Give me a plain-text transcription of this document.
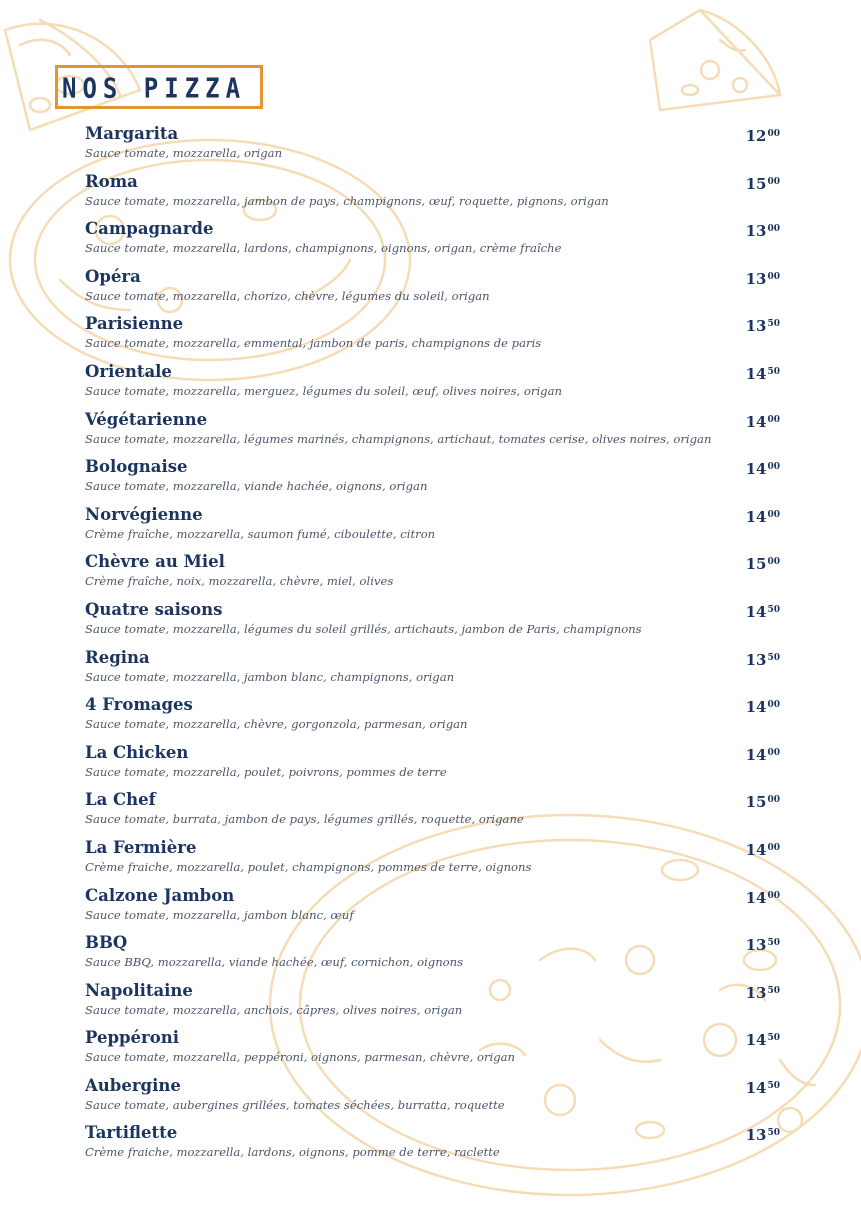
NOS PIZZA
Margarita
Sauce tomate, mozzarella, origan
$12^{00}$
Roma
Sauce tomate, mozzarella, jambon de pays, champignons, œuf, roquette, pignons, origan
$15^{00}$
Campagnarde
Sauce tomate, mozzarella, lardons, champignons, oignons, origan, crème fraîche
$13^{00}$
Opéra
Sauce tomate, mozzarella, chorizo, chèvre, légumes du soleil, origan
$13^{00}$
Parisienne
Sauce tomate, mozzarella, emmental, jambon de paris, champignons de paris
$13^{50}$
Orientale
Sauce tomate, mozzarella, merguez, légumes du soleil, œuf, olives noires, origan
$14^{50}$
Végétarienne
Sauce tomate, mozzarella, légumes marinés, champignons, artichaut, tomates cerise, olives noires, origan
$14^{00}$
Bolognaise
Sauce tomate, mozzarella, viande hachée, oignons, origan
$14^{00}$
Norvégienne
Crème fraîche, mozzarella, saumon fumé, ciboulette, citron
$14^{00}$
Chèvre au Miel
Crème fraîche, noix, mozzarella, chèvre, miel, olives
$15^{00}$
Quatre saisons
Sauce tomate, mozzarella, légumes du soleil grillés, artichauts, jambon de Paris, champignons
$14^{50}$
Regina
Sauce tomate, mozzarella, jambon blanc, champignons, origan
$13^{50}$
4 Fromages
Sauce tomate, mozzarella, chèvre, gorgonzola, parmesan, origan
$14^{00}$
La Chicken
Sauce tomate, mozzarella, poulet, poivrons, pommes de terre
$14^{00}$
La Chef
Sauce tomate, burrata, jambon de pays, légumes grillés, roquette, origane
$15^{00}$
La Fermière
Crème fraiche, mozzarella, poulet, champignons, pommes de terre, oignons
$14^{00}$
Calzone Jambon
Sauce tomate, mozzarella, jambon blanc, œuf
$14^{00}$
BBQ
Sauce BBQ, mozzarella, viande hachée, œuf, cornichon, oignons
$13^{50}$
Napolitaine
Sauce tomate, mozzarella, anchois, câpres, olives noires, origan
$13^{50}$
Peppéroni
Sauce tomate, mozzarella, peppéroni, oignons, parmesan, chèvre, origan
$14^{50}$
Aubergine
Sauce tomate, aubergines grillées, tomates séchées, burratta, roquette
$14^{50}$
Tartiflette
Crème fraiche, mozzarella, lardons, oignons, pomme de terre, raclette
$13^{50}$
